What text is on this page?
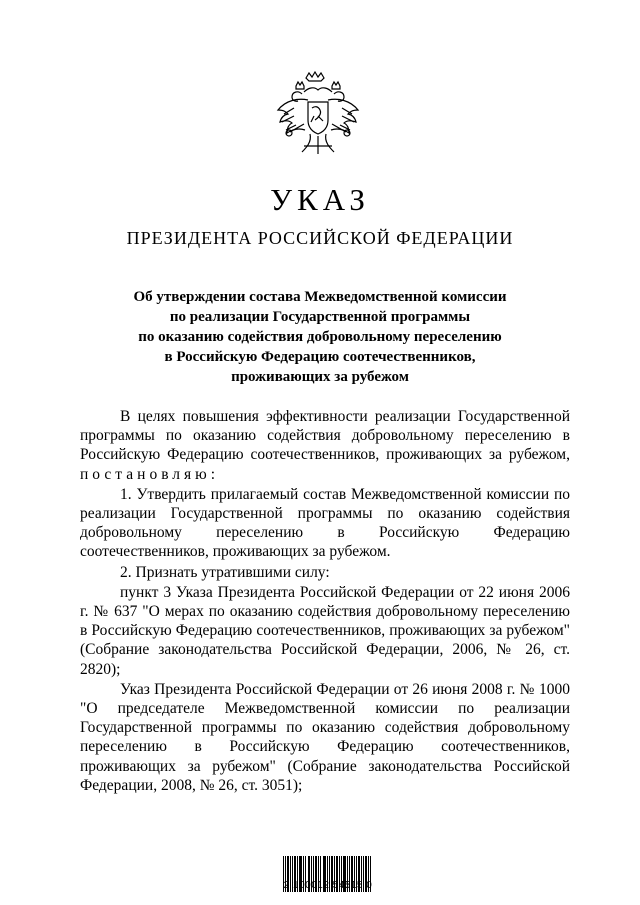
УКАЗ
ПРЕЗИДЕНТА РОССИЙСКОЙ ФЕДЕРАЦИИ
Об утверждении состава Межведомственной комиссии
по реализации Государственной программы
по оказанию содействия добровольному переселению
в Российскую Федерацию соотечественников,
проживающих за рубежом

В целях повышения эффективности реализации Государственной программы по оказанию содействия добровольному переселению в Российскую Федерацию соотечественников, проживающих за рубежом, постановляю:

1. Утвердить прилагаемый состав Межведомственной комиссии по реализации Государственной программы по оказанию содействия добровольному переселению в Российскую Федерацию соотечественников, проживающих за рубежом.

2. Признать утратившими силу:

пункт 3 Указа Президента Российской Федерации от 22 июня 2006 г. № 637 "О мерах по оказанию содействия добровольному переселению в Российскую Федерацию соотечественников, проживающих за рубежом" (Собрание законодательства Российской Федерации, 2006, № 26, ст. 2820);

Указ Президента Российской Федерации от 26 июня 2008 г. № 1000 "О председателе Межведомственной комиссии по реализации Государственной программы по оказанию содействия добровольному переселению в Российскую Федерацию соотечественников, проживающих за рубежом" (Собрание законодательства Российской Федерации, 2008, № 26, ст. 3051);

2 100012 54515 0
